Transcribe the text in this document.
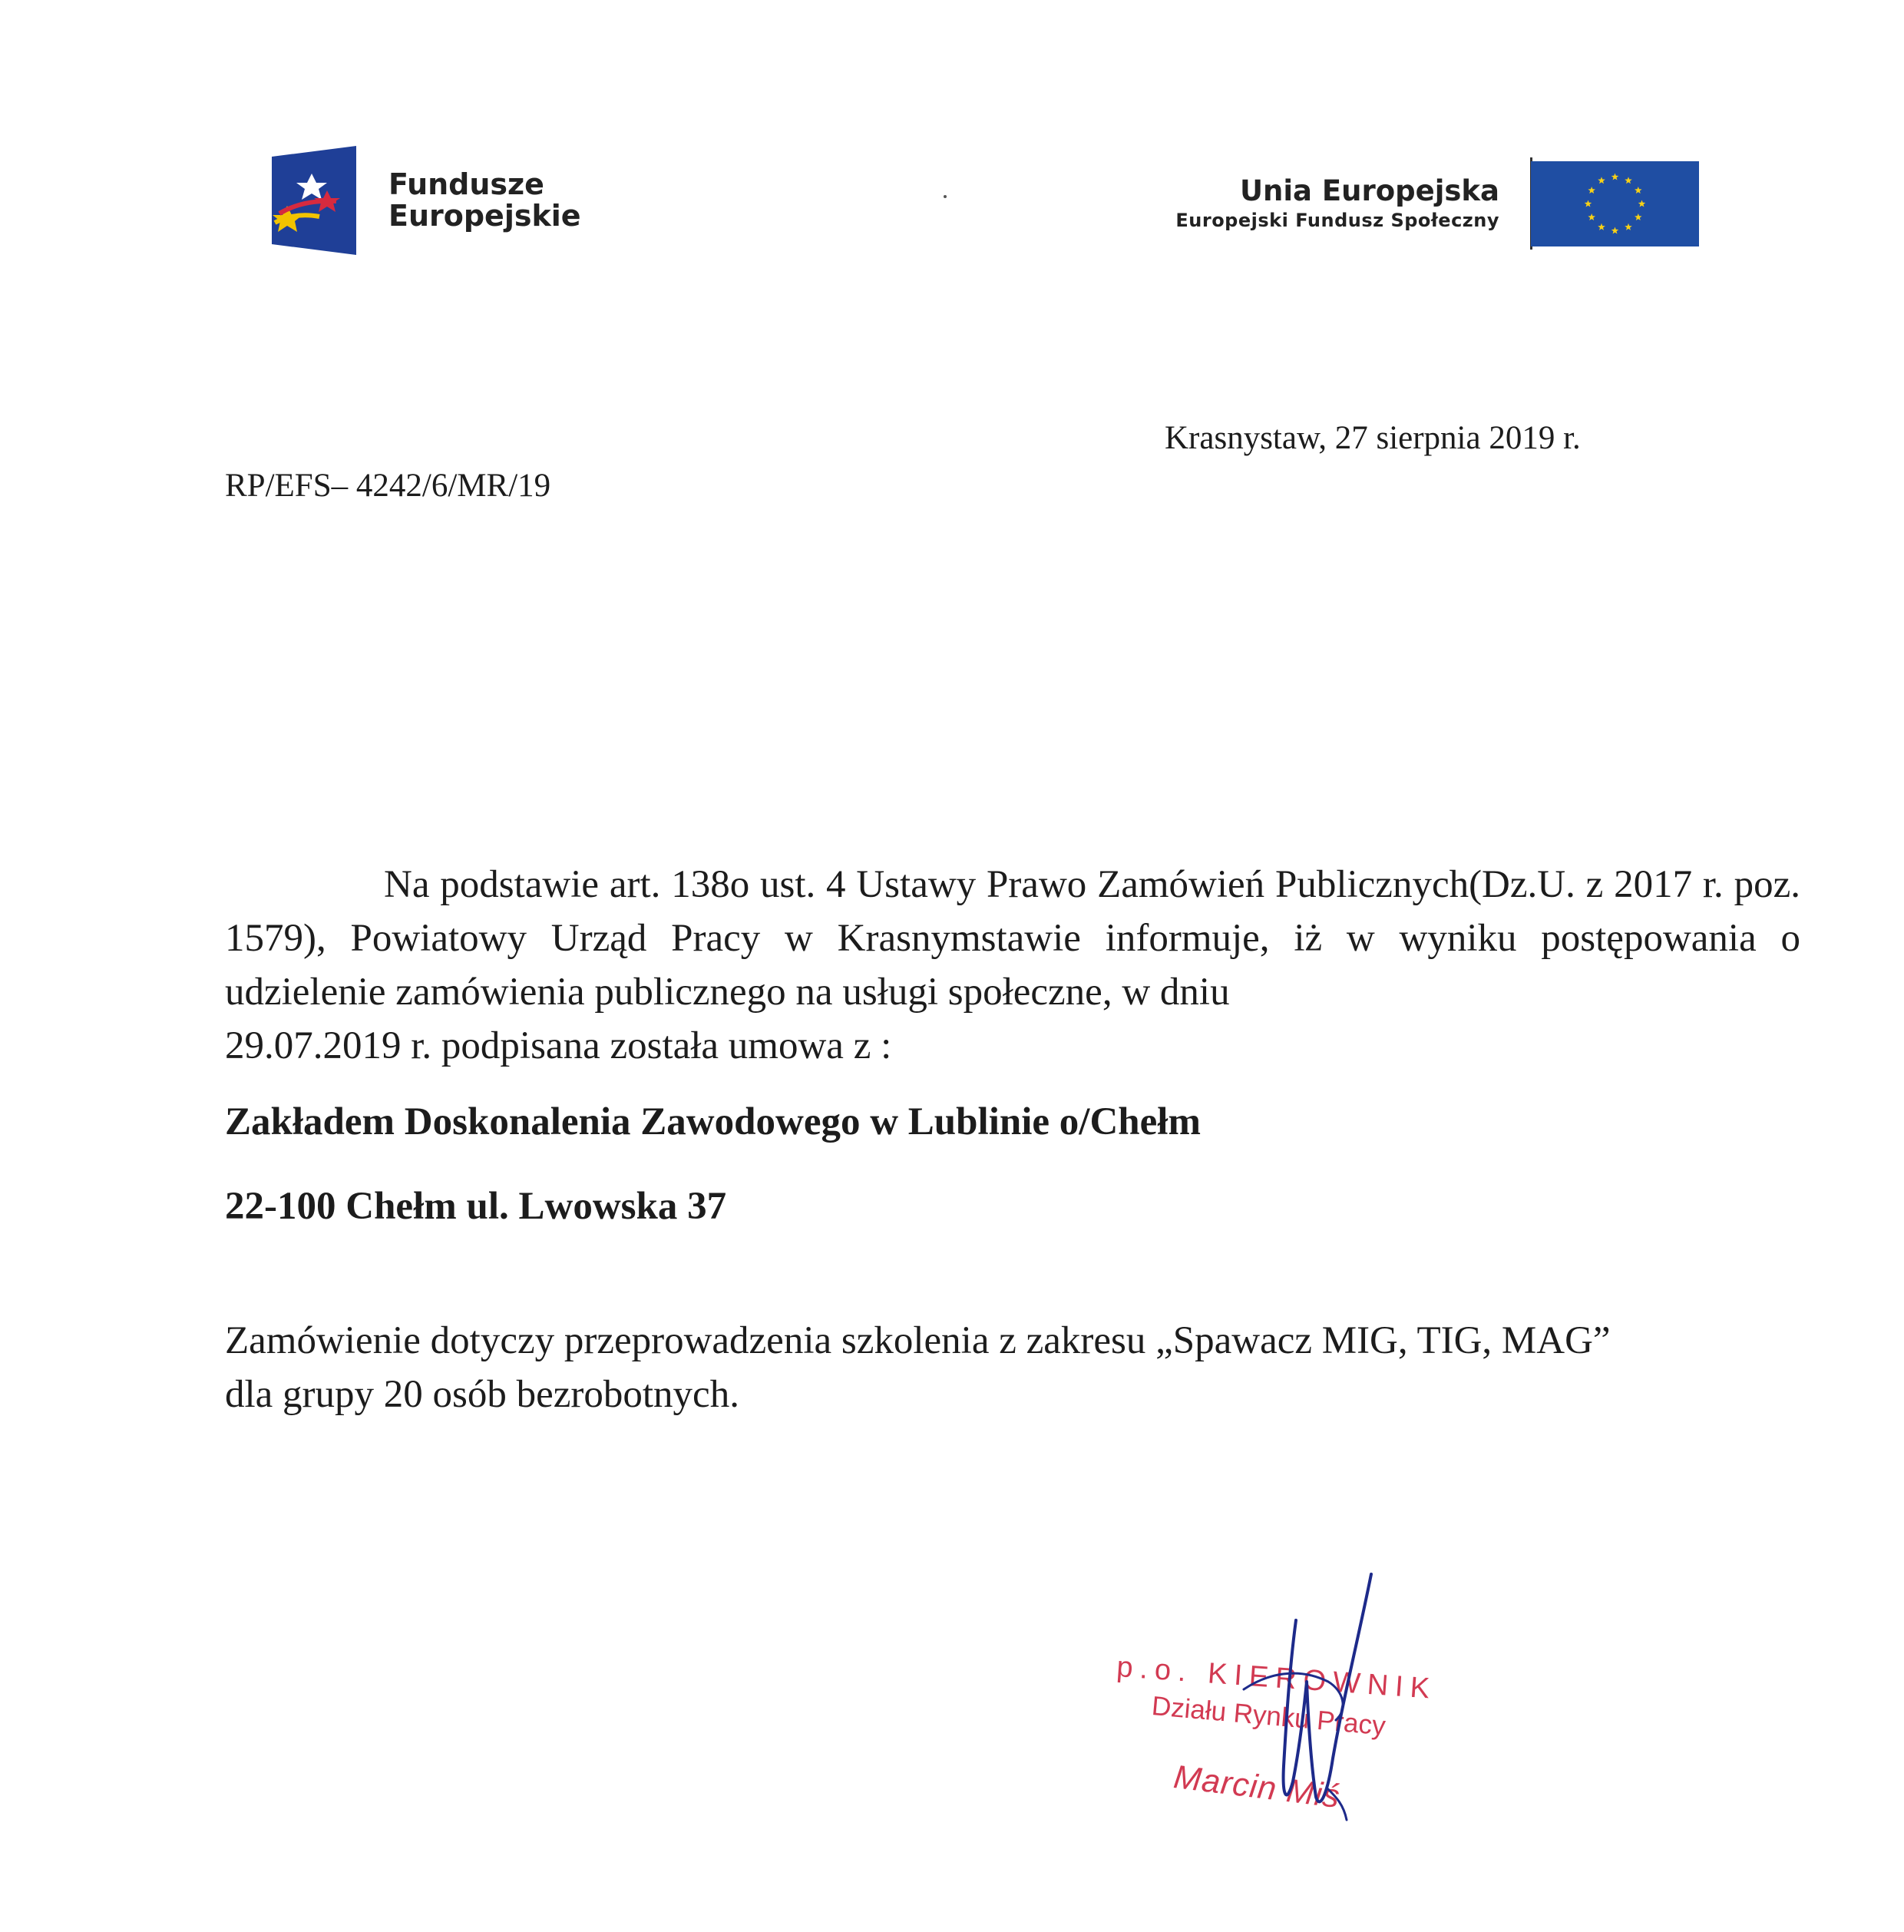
Fundusze
Europejskie
Unia Europejska
Europejski Fundusz Społeczny
Krasnystaw, 27 sierpnia 2019 r.
RP/EFS– 4242/6/MR/19
Na podstawie art. 138o ust. 4 Ustawy Prawo Zamówień Publicznych(Dz.U. z 2017 r. poz. 1579), Powiatowy Urząd Pracy w Krasnymstawie informuje, iż w wyniku postępowania o udzielenie zamówienia publicznego na usługi społeczne, w dniu
29.07.2019 r. podpisana została umowa z :
Zakładem Doskonalenia Zawodowego w Lublinie o/Chełm
22-100 Chełm ul. Lwowska 37
Zamówienie dotyczy przeprowadzenia szkolenia z zakresu „Spawacz MIG, TIG, MAG”
dla grupy 20 osób bezrobotnych.
p.o. KIEROWNIK
Działu Rynku Pracy
Marcin Miś
